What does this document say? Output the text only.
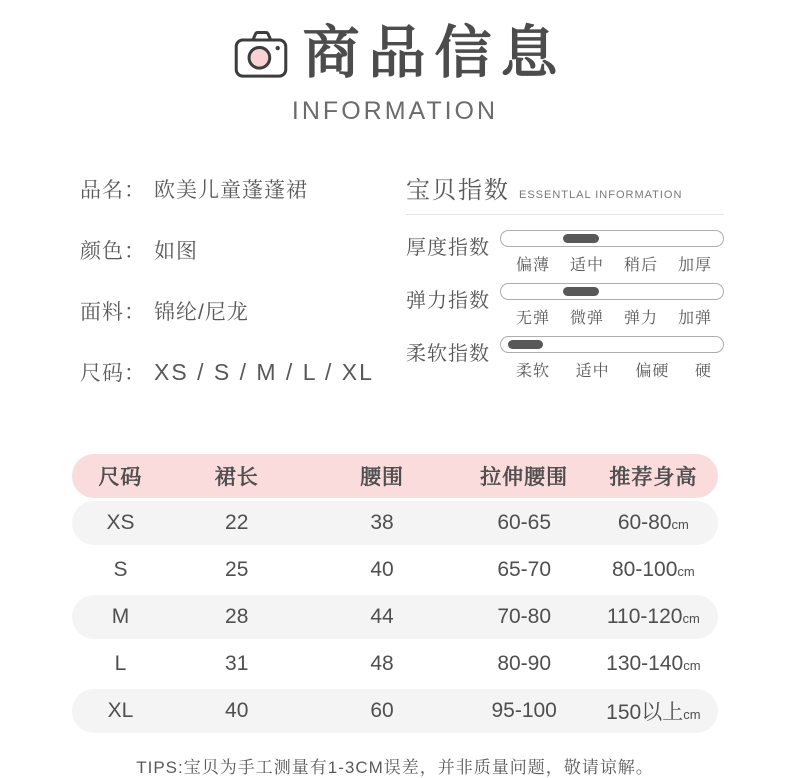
商品信息
INFORMATION
品名： 欧美儿童蓬蓬裙
颜色： 如图
面料： 锦纶/尼龙
尺码： XS / S / M / L / XL
宝贝指数 ESSENTLAL INFORMATION
厚度指数
偏薄 适中 稍后 加厚
弹力指数
无弹 微弹 弹力 加弹
柔软指数
柔软 适中 偏硬 硬
尺码	裙长	腰围	拉伸腰围	推荐身高
XS	22	38	60-65	60-80cm
S	25	40	65-70	80-100cm
M	28	44	70-80	110-120cm
L	31	48	80-90	130-140cm
XL	40	60	95-100	150以上cm
TIPS:宝贝为手工测量有1-3CM误差，并非质量问题，敬请谅解。
